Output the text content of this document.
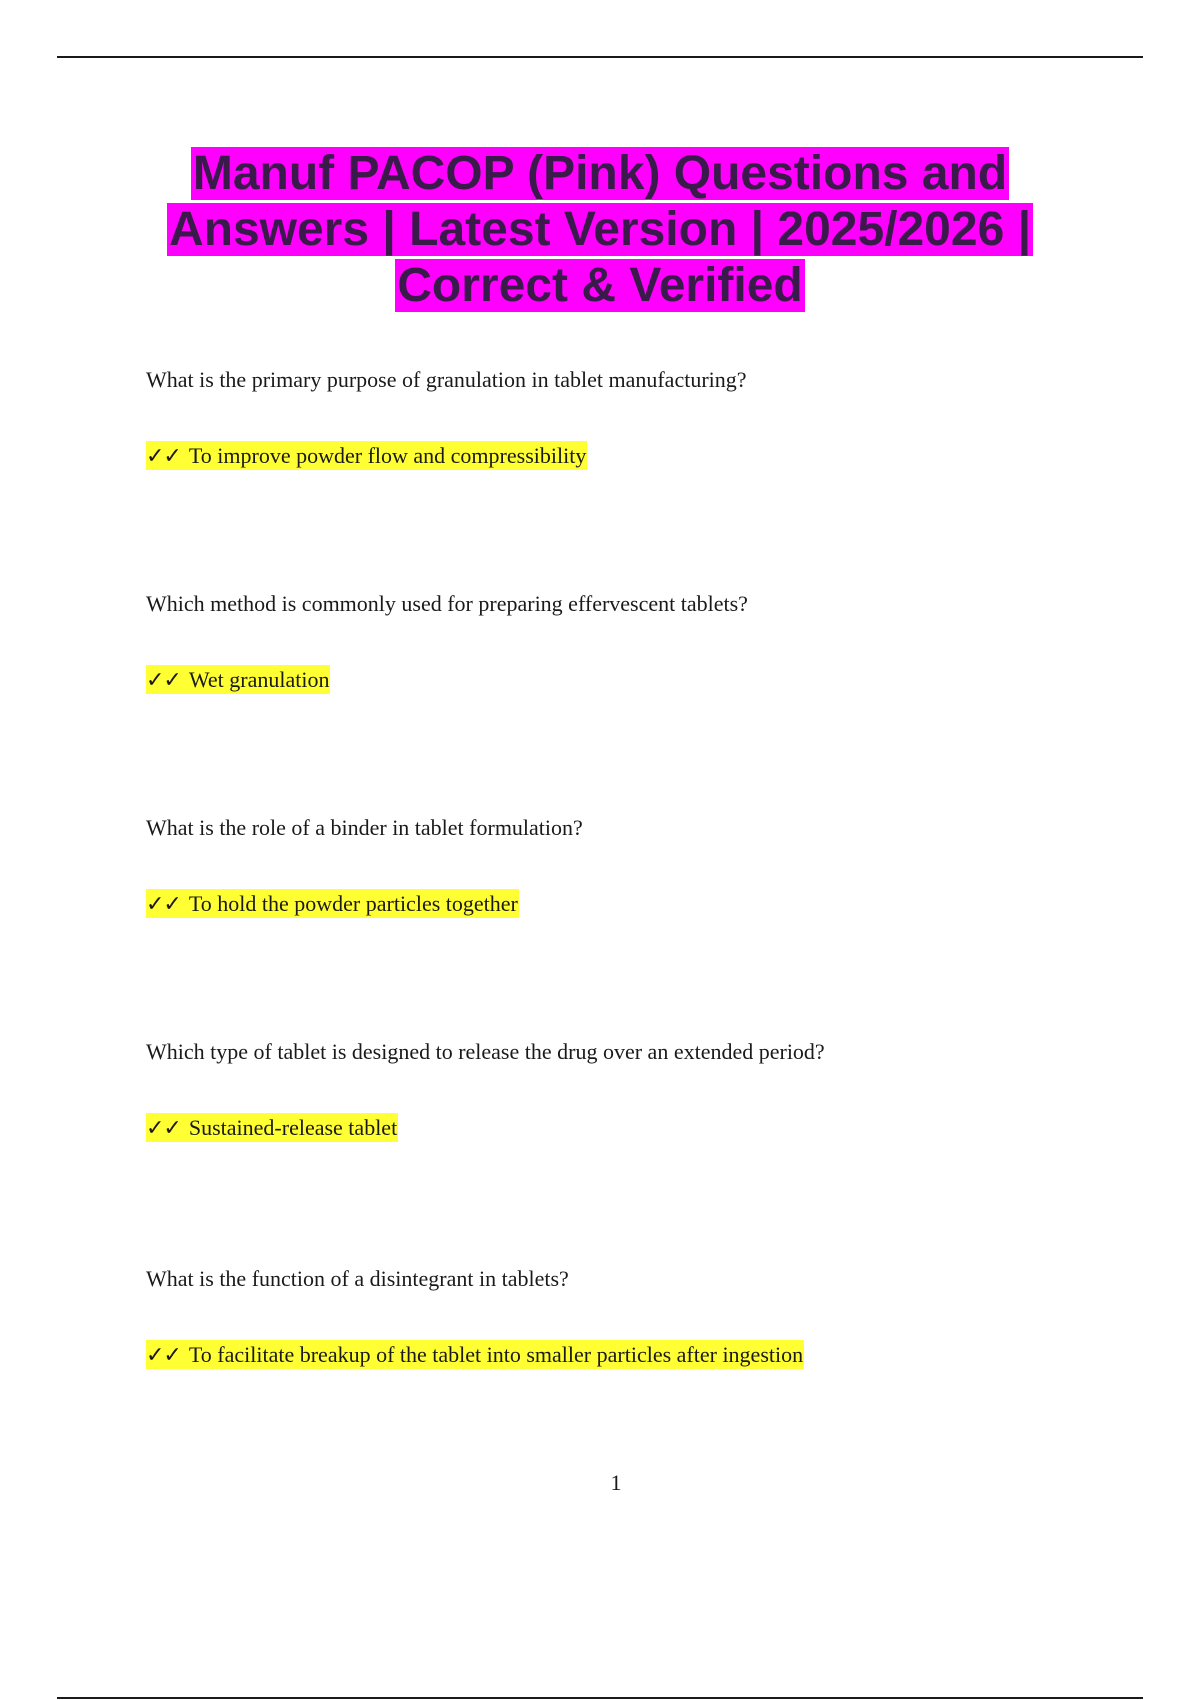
Manuf PACOP (Pink) Questions and Answers | Latest Version | 2025/2026 | Correct & Verified

What is the primary purpose of granulation in tablet manufacturing?

✓✓ To improve powder flow and compressibility

Which method is commonly used for preparing effervescent tablets?

✓✓ Wet granulation

What is the role of a binder in tablet formulation?

✓✓ To hold the powder particles together

Which type of tablet is designed to release the drug over an extended period?

✓✓ Sustained-release tablet

What is the function of a disintegrant in tablets?

✓✓ To facilitate breakup of the tablet into smaller particles after ingestion
1
